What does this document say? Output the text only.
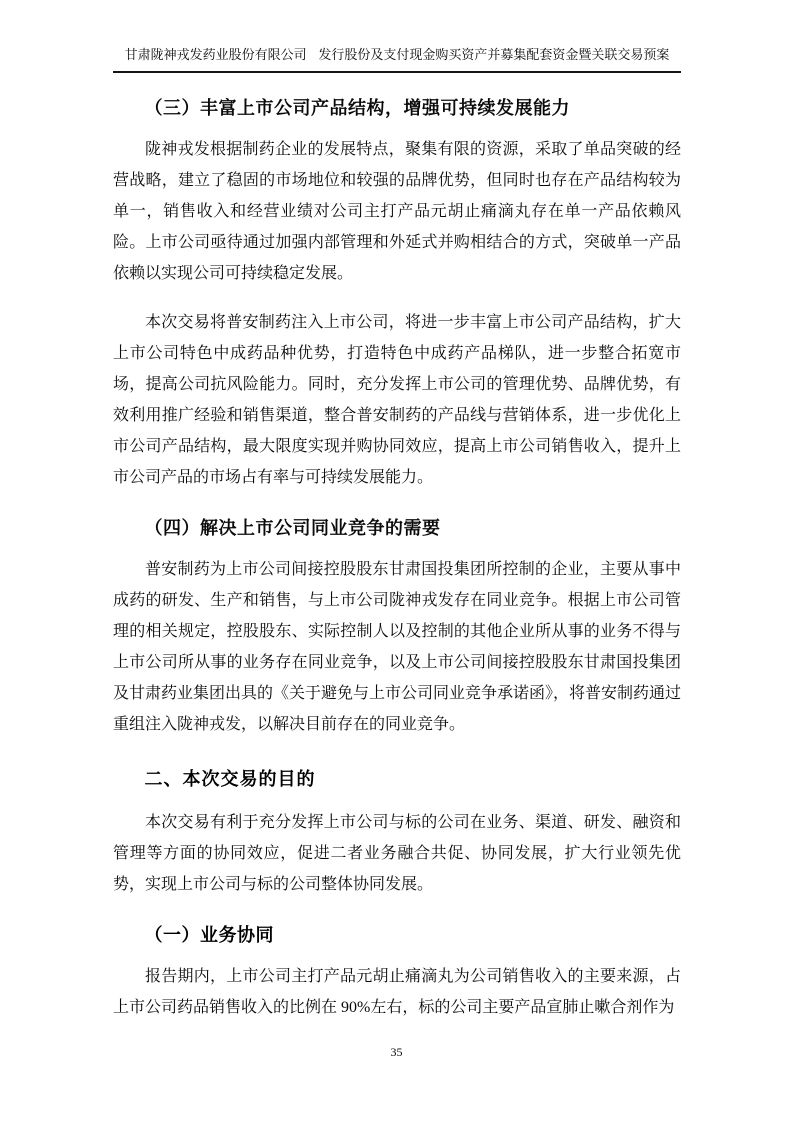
甘肃陇神戎发药业股份有限公司 发行股份及支付现金购买资产并募集配套资金暨关联交易预案
（三）丰富上市公司产品结构，增强可持续发展能力

陇神戎发根据制药企业的发展特点，聚集有限的资源，采取了单品突破的经营战略，建立了稳固的市场地位和较强的品牌优势，但同时也存在产品结构较为单一，销售收入和经营业绩对公司主打产品元胡止痛滴丸存在单一产品依赖风险。上市公司亟待通过加强内部管理和外延式并购相结合的方式，突破单一产品依赖以实现公司可持续稳定发展。

本次交易将普安制药注入上市公司，将进一步丰富上市公司产品结构，扩大上市公司特色中成药品种优势，打造特色中成药产品梯队，进一步整合拓宽市场，提高公司抗风险能力。同时，充分发挥上市公司的管理优势、品牌优势，有效利用推广经验和销售渠道，整合普安制药的产品线与营销体系，进一步优化上市公司产品结构，最大限度实现并购协同效应，提高上市公司销售收入，提升上市公司产品的市场占有率与可持续发展能力。

（四）解决上市公司同业竞争的需要

普安制药为上市公司间接控股股东甘肃国投集团所控制的企业，主要从事中成药的研发、生产和销售，与上市公司陇神戎发存在同业竞争。根据上市公司管理的相关规定，控股股东、实际控制人以及控制的其他企业所从事的业务不得与上市公司所从事的业务存在同业竞争，以及上市公司间接控股股东甘肃国投集团及甘肃药业集团出具的《关于避免与上市公司同业竞争承诺函》，将普安制药通过重组注入陇神戎发，以解决目前存在的同业竞争。

二、本次交易的目的

本次交易有利于充分发挥上市公司与标的公司在业务、渠道、研发、融资和管理等方面的协同效应，促进二者业务融合共促、协同发展，扩大行业领先优势，实现上市公司与标的公司整体协同发展。

（一）业务协同

报告期内，上市公司主打产品元胡止痛滴丸为公司销售收入的主要来源，占上市公司药品销售收入的比例在 90%左右，标的公司主要产品宣肺止嗽合剂作为

35
